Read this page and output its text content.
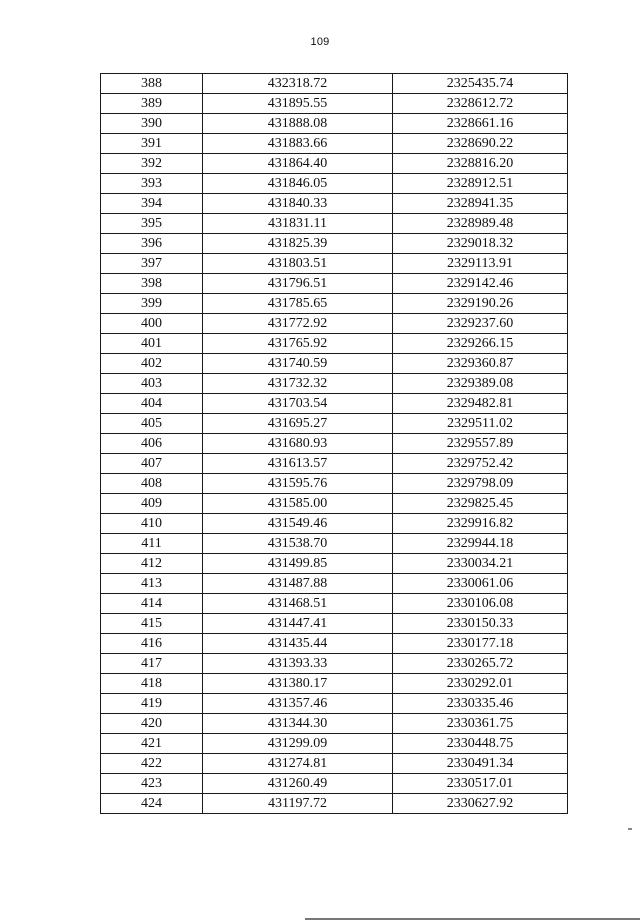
109
388	432318.72	2325435.74
389	431895.55	2328612.72
390	431888.08	2328661.16
391	431883.66	2328690.22
392	431864.40	2328816.20
393	431846.05	2328912.51
394	431840.33	2328941.35
395	431831.11	2328989.48
396	431825.39	2329018.32
397	431803.51	2329113.91
398	431796.51	2329142.46
399	431785.65	2329190.26
400	431772.92	2329237.60
401	431765.92	2329266.15
402	431740.59	2329360.87
403	431732.32	2329389.08
404	431703.54	2329482.81
405	431695.27	2329511.02
406	431680.93	2329557.89
407	431613.57	2329752.42
408	431595.76	2329798.09
409	431585.00	2329825.45
410	431549.46	2329916.82
411	431538.70	2329944.18
412	431499.85	2330034.21
413	431487.88	2330061.06
414	431468.51	2330106.08
415	431447.41	2330150.33
416	431435.44	2330177.18
417	431393.33	2330265.72
418	431380.17	2330292.01
419	431357.46	2330335.46
420	431344.30	2330361.75
421	431299.09	2330448.75
422	431274.81	2330491.34
423	431260.49	2330517.01
424	431197.72	2330627.92
